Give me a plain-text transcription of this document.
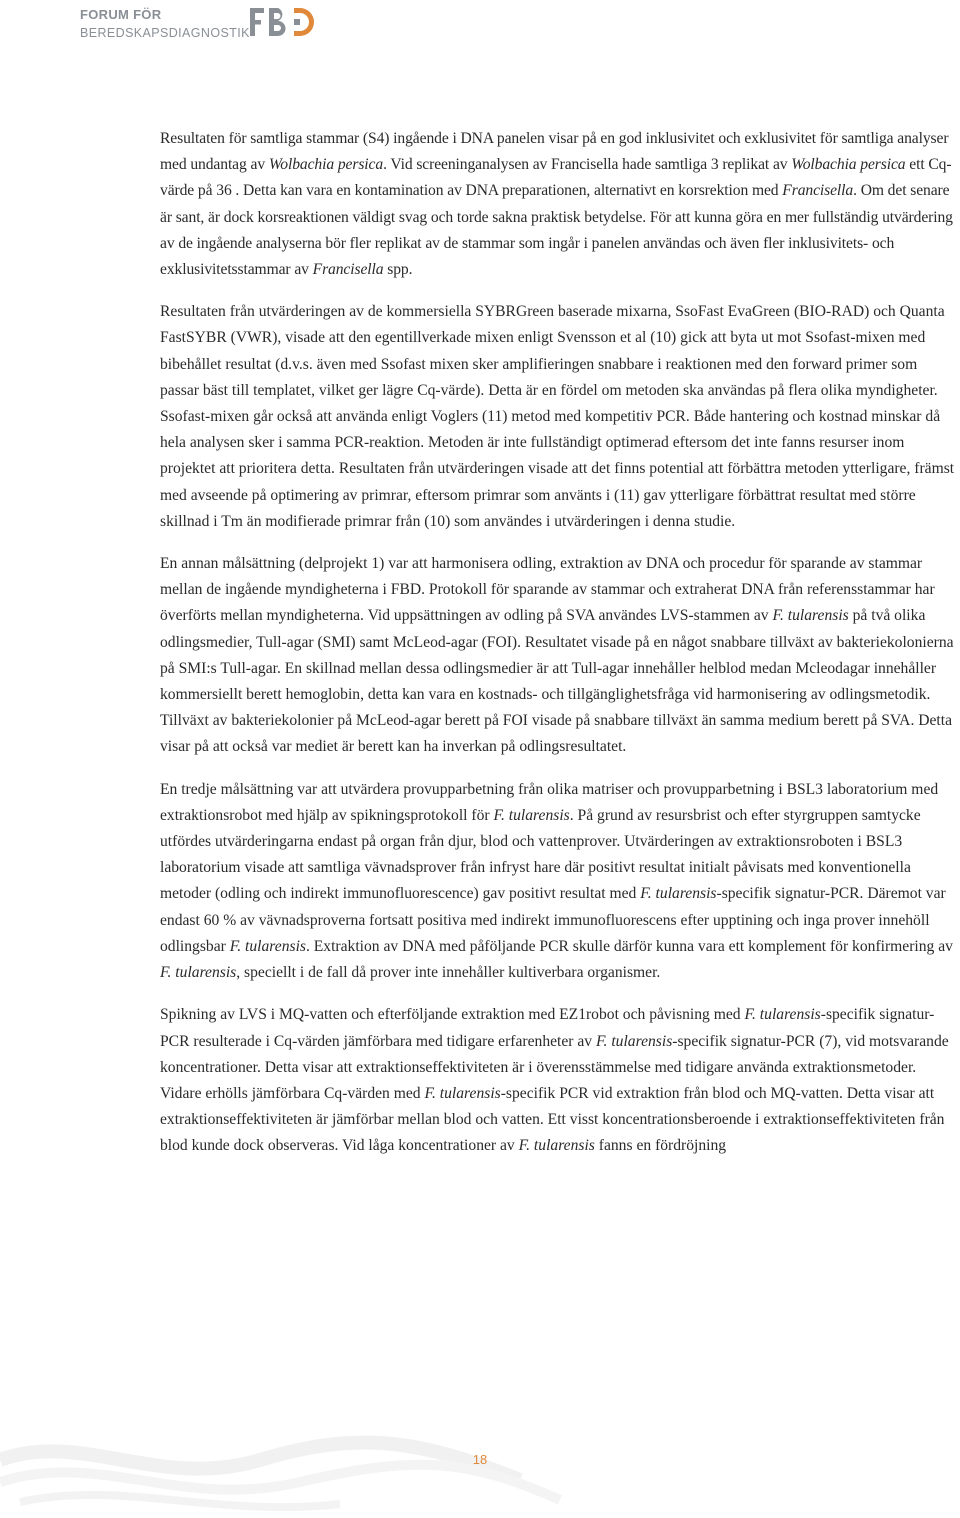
FORUM FÖR
BEREDSKAPSDIAGNOSTIK

Resultaten för samtliga stammar (S4) ingående i DNA panelen visar på en god inklusivitet och exklusivitet för samtliga analyser med undantag av Wolbachia persica. Vid screeninganalysen av Francisella hade samtliga 3 replikat av Wolbachia persica ett Cq-värde på 36 . Detta kan vara en kontamination av DNA preparationen, alternativt en korsrektion med Francisella. Om det senare är sant, är dock korsreaktionen väldigt svag och torde sakna praktisk betydelse. För att kunna göra en mer fullständig utvärdering av de ingående analyserna bör fler replikat av de stammar som ingår i panelen användas och även fler inklusivitets- och exklusivitetsstammar av Francisella spp.

Resultaten från utvärderingen av de kommersiella SYBRGreen baserade mixarna, SsoFast EvaGreen (BIO-RAD) och Quanta FastSYBR (VWR), visade att den egentillverkade mixen enligt Svensson et al (10) gick att byta ut mot Ssofast-mixen med bibehållet resultat (d.v.s. även med Ssofast mixen sker amplifieringen snabbare i reaktionen med den forward primer som passar bäst till templatet, vilket ger lägre Cq-värde). Detta är en fördel om metoden ska användas på flera olika myndigheter. Ssofast-mixen går också att använda enligt Voglers (11) metod med kompetitiv PCR. Både hantering och kostnad minskar då hela analysen sker i samma PCR-reaktion. Metoden är inte fullständigt optimerad eftersom det inte fanns resurser inom projektet att prioritera detta. Resultaten från utvärderingen visade att det finns potential att förbättra metoden ytterligare, främst med avseende på optimering av primrar, eftersom primrar som använts i (11) gav ytterligare förbättrat resultat med större skillnad i Tm än modifierade primrar från (10) som användes i utvärderingen i denna studie.

En annan målsättning (delprojekt 1) var att harmonisera odling, extraktion av DNA och procedur för sparande av stammar mellan de ingående myndigheterna i FBD. Protokoll för sparande av stammar och extraherat DNA från referensstammar har överförts mellan myndigheterna. Vid uppsättningen av odling på SVA användes LVS-stammen av F. tularensis på två olika odlingsmedier, Tull-agar (SMI) samt McLeod-agar (FOI). Resultatet visade på en något snabbare tillväxt av bakteriekolonierna på SMI:s Tull-agar. En skillnad mellan dessa odlingsmedier är att Tull-agar innehåller helblod medan Mcleodagar innehåller kommersiellt berett hemoglobin, detta kan vara en kostnads- och tillgänglighetsfråga vid harmonisering av odlingsmetodik. Tillväxt av bakteriekolonier på McLeod-agar berett på FOI visade på snabbare tillväxt än samma medium berett på SVA. Detta visar på att också var mediet är berett kan ha inverkan på odlingsresultatet.

En tredje målsättning var att utvärdera provupparbetning från olika matriser och provupparbetning i BSL3 laboratorium med extraktionsrobot med hjälp av spikningsprotokoll för F. tularensis. På grund av resursbrist och efter styrgruppen samtycke utfördes utvärderingarna endast på organ från djur, blod och vattenprover. Utvärderingen av extraktionsroboten i BSL3 laboratorium visade att samtliga vävnadsprover från infryst hare där positivt resultat initialt påvisats med konventionella metoder (odling och indirekt immunofluorescence) gav positivt resultat med F. tularensis-specifik signatur-PCR. Däremot var endast 60 % av vävnadsproverna fortsatt positiva med indirekt immunofluorescens efter upptining och inga prover innehöll odlingsbar F. tularensis. Extraktion av DNA med påföljande PCR skulle därför kunna vara ett komplement för konfirmering av F. tularensis, speciellt i de fall då prover inte innehåller kultiverbara organismer.

Spikning av LVS i MQ-vatten och efterföljande extraktion med EZ1robot och påvisning med F. tularensis-specifik signatur-PCR resulterade i Cq-värden jämförbara med tidigare erfarenheter av F. tularensis-specifik signatur-PCR (7), vid motsvarande koncentrationer. Detta visar att extraktionseffektiviteten är i överensstämmelse med tidigare använda extraktionsmetoder. Vidare erhölls jämförbara Cq-värden med F. tularensis-specifik PCR vid extraktion från blod och MQ-vatten. Detta visar att extraktionseffektiviteten är jämförbar mellan blod och vatten. Ett visst koncentrationsberoende i extraktionseffektiviteten från blod kunde dock observeras. Vid låga koncentrationer av F. tularensis fanns en fördröjning

18
